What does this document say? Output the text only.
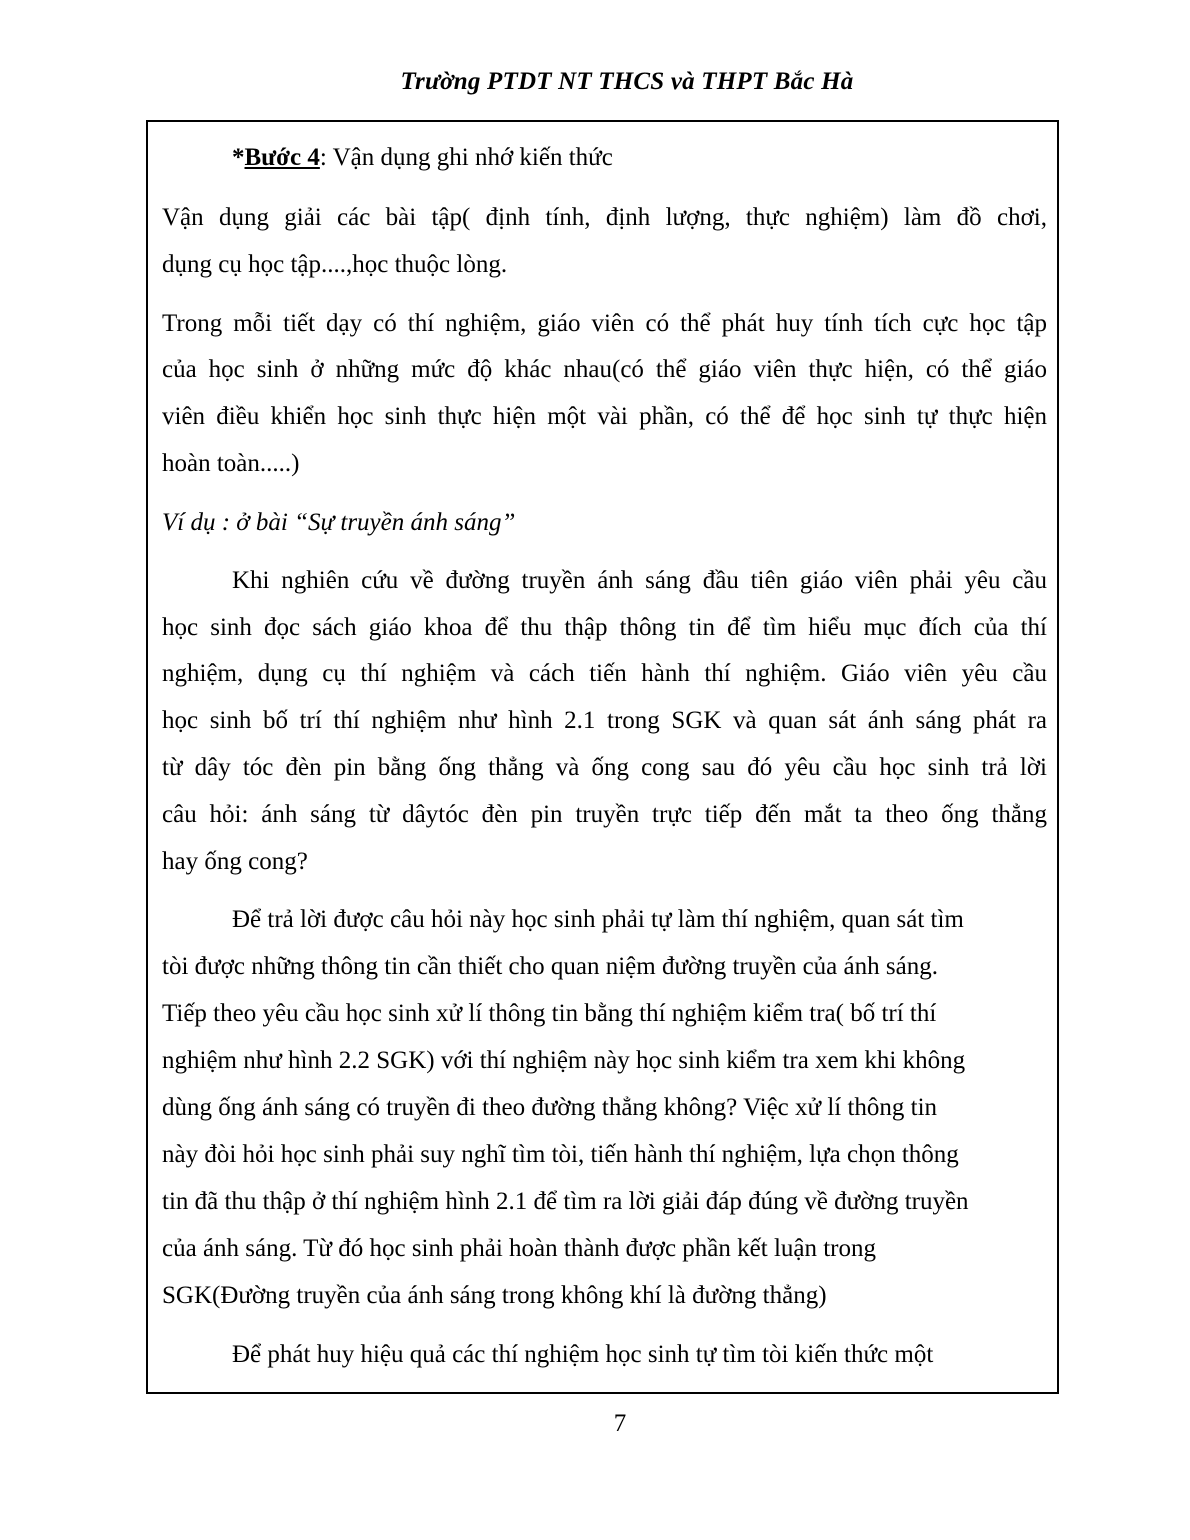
Trường PTDT NT THCS và THPT Bắc Hà
*Bước 4: Vận dụng ghi nhớ kiến thức
Vận dụng giải các bài tập( định tính, định lượng, thực nghiệm) làm đồ chơi,
dụng cụ học tập....,học thuộc lòng.
Trong mỗi tiết dạy có thí nghiệm, giáo viên có thể phát huy tính tích cực học tập
của học sinh ở những mức độ khác nhau(có thể giáo viên thực hiện, có thể giáo
viên điều khiển học sinh thực hiện một vài phần, có thể để học sinh tự thực hiện
hoàn toàn.....)
Ví dụ : ở bài “Sự truyền ánh sáng”
Khi nghiên cứu về đường truyền ánh sáng đầu tiên giáo viên phải yêu cầu
học sinh đọc sách giáo khoa để thu thập thông tin để tìm hiểu mục đích của thí
nghiệm, dụng cụ thí nghiệm và cách tiến hành thí nghiệm. Giáo viên yêu cầu
học sinh bố trí thí nghiệm như hình 2.1 trong SGK và quan sát ánh sáng phát ra
từ dây tóc đèn pin bằng ống thẳng và ống cong sau đó yêu cầu học sinh trả lời
câu hỏi: ánh sáng từ dâytóc đèn pin truyền trực tiếp đến mắt ta theo ống thẳng
hay ống cong?
Để trả lời được câu hỏi này học sinh phải tự làm thí nghiệm, quan sát tìm
tòi được những thông tin cần thiết cho quan niệm đường truyền của ánh sáng.
Tiếp theo yêu cầu học sinh xử lí thông tin bằng thí nghiệm kiểm tra( bố trí thí
nghiệm như hình 2.2 SGK) với thí nghiệm này học sinh kiểm tra xem khi không
dùng ống ánh sáng có truyền đi theo đường thẳng không? Việc xử lí thông tin
này đòi hỏi học sinh phải suy nghĩ tìm tòi, tiến hành thí nghiệm, lựa chọn thông
tin đã thu thập ở thí nghiệm hình 2.1 để tìm ra lời giải đáp đúng về đường truyền
của ánh sáng. Từ đó học sinh phải hoàn thành được phần kết luận trong
SGK(Đường truyền của ánh sáng trong không khí là đường thẳng)
Để phát huy hiệu quả các thí nghiệm học sinh tự tìm tòi kiến thức một
7
